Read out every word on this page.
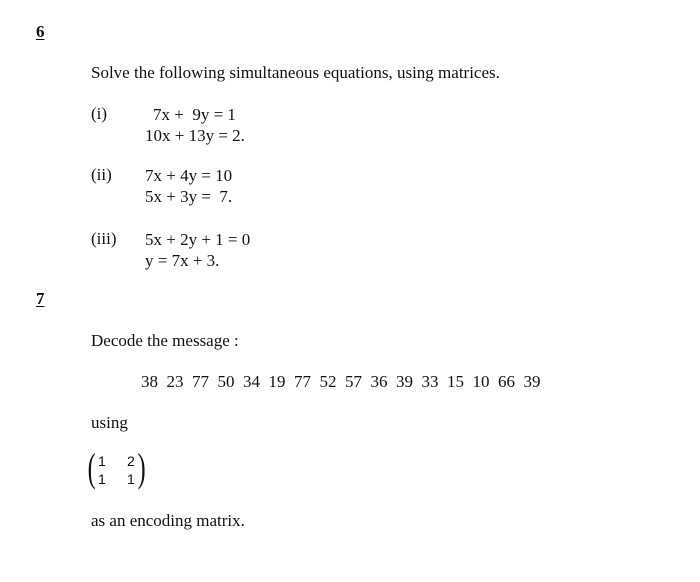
6
Solve the following simultaneous equations, using matrices.
(i)	7x +  9y = 1
10x + 13y = 2.
(ii) 7x + 4y = 10
5x + 3y =  7.
(iii) 5x + 2y + 1 = 0
y = 7x + 3.
7
Decode the message :
38  23  77  50  34  19  77  52  57  36  39  33  15  10  66  39
using
( 1 2
1 1 )
as an encoding matrix.
